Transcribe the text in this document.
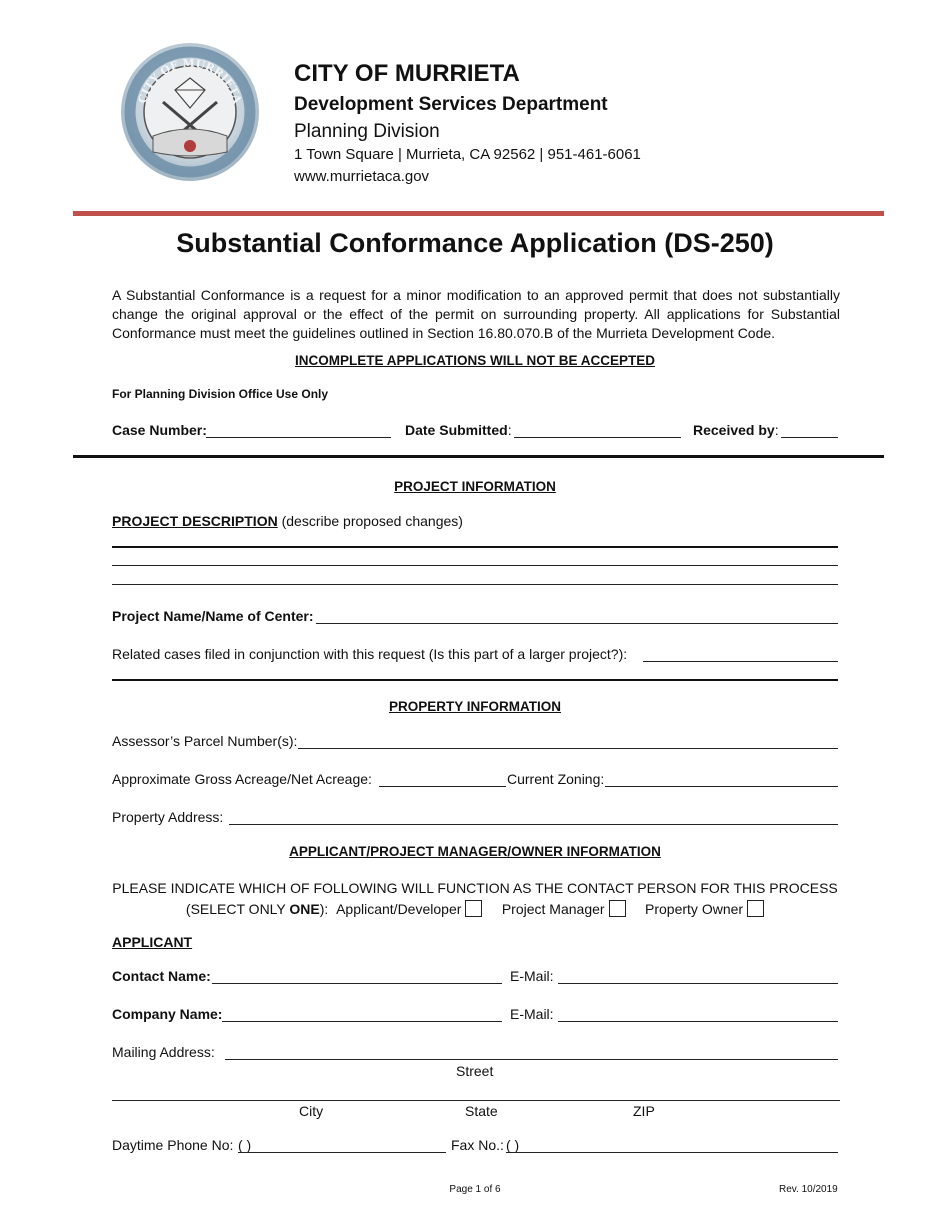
CITY OF MURRIETA
CITY OF MURRIETA
Development Services Department
Planning Division
1 Town Square | Murrieta, CA 92562 | 951-461-6061
www.murrietaca.gov
Substantial Conformance Application (DS-250)
A Substantial Conformance is a request for a minor modification to an approved permit that does not substantially change the original approval or the effect of the permit on surrounding property. All applications for Substantial Conformance must meet the guidelines outlined in Section 16.80.070.B of the Murrieta Development Code.
INCOMPLETE APPLICATIONS WILL NOT BE ACCEPTED
For Planning Division Office Use Only
Case Number:	Date Submitted:	Received by:
PROJECT INFORMATION
PROJECT DESCRIPTION (describe proposed changes)
Project Name/Name of Center:
Related cases filed in conjunction with this request (Is this part of a larger project?):
PROPERTY INFORMATION
Assessor’s Parcel Number(s):
Approximate Gross Acreage/Net Acreage:	Current Zoning:
Property Address:
APPLICANT/PROJECT MANAGER/OWNER INFORMATION
PLEASE INDICATE WHICH OF FOLLOWING WILL FUNCTION AS THE CONTACT PERSON FOR THIS PROCESS
(SELECT ONLY ONE): Applicant/Developer	Project Manager	Property Owner
APPLICANT
Contact Name:	E-Mail:
Company Name:	E-Mail:
Mailing Address:
Street
City	State	ZIP
Daytime Phone No: ( )	Fax No.: ( )
Page 1 of 6	Rev. 10/2019
